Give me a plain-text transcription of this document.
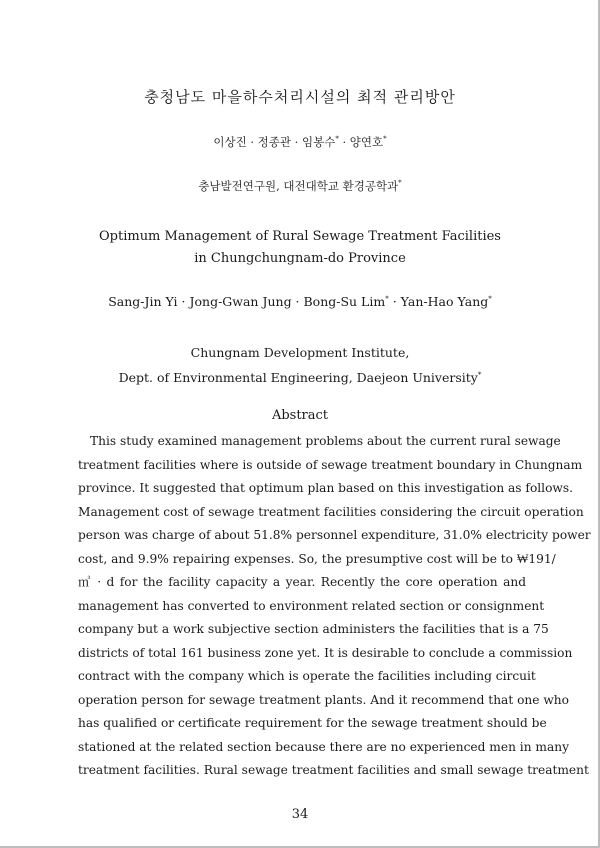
충청남도 마을하수처리시설의 최적 관리방안
이상진 · 정종관 · 임봉수* · 양연호*
충남발전연구원, 대전대학교 환경공학과*
Optimum Management of Rural Sewage Treatment Facilities
in Chungchungnam-do Province
Sang-Jin Yi · Jong-Gwan Jung · Bong-Su Lim* · Yan-Hao Yang*
Chungnam Development Institute,
Dept. of Environmental Engineering, Daejeon University*
Abstract
This study examined management problems about the current rural sewage
treatment facilities where is outside of sewage treatment boundary in Chungnam
province. It suggested that optimum plan based on this investigation as follows.
Management cost of sewage treatment facilities considering the circuit operation
person was charge of about 51.8% personnel expenditure, 31.0% electricity power
cost, and 9.9% repairing expenses. So, the presumptive cost will be to ₩191/
㎥ · d for the facility capacity a year. Recently the core operation and
management has converted to environment related section or consignment
company but a work subjective section administers the facilities that is a 75
districts of total 161 business zone yet. It is desirable to conclude a commission
contract with the company which is operate the facilities including circuit
operation person for sewage treatment plants. And it recommend that one who
has qualified or certificate requirement for the sewage treatment should be
stationed at the related section because there are no experienced men in many
treatment facilities. Rural sewage treatment facilities and small sewage treatment
34
